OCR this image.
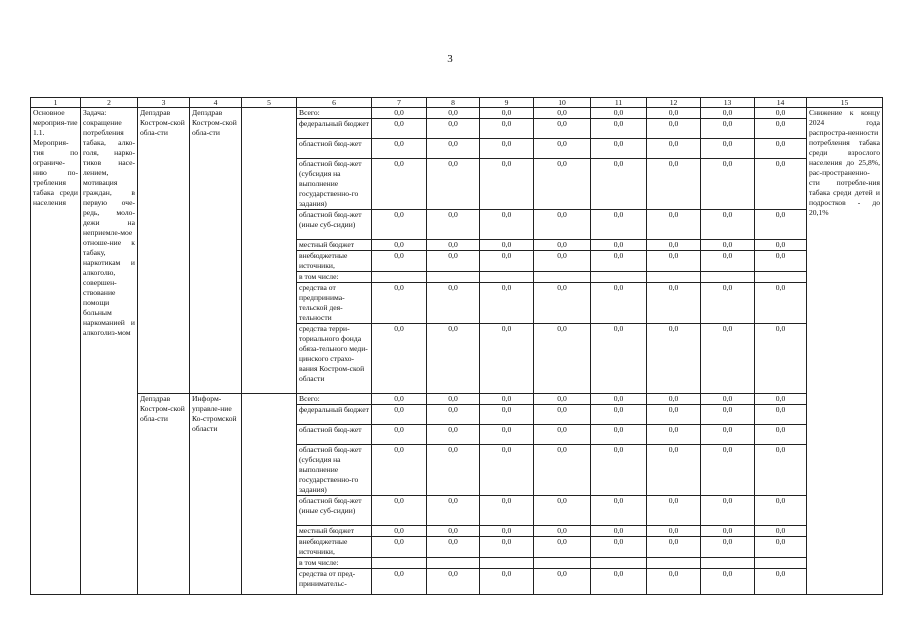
3
1	2	3	4	5	6	7	8	9	10	11	12	13	14	15
Основное мероприя-тие 1.1. Мероприя-тия по ограниче-нию по-требления табака среди населения	Задача: сокращение потребления табака, алко-голя, нарко-тиков насе-лением, мотивация граждан, в первую оче-редь, моло-дежи на неприемле-мое отноше-ние к табаку, наркотикам и алкоголю, совершен-ствование помощи больным наркоманией и алкоголиз-мом	Депздрав Костром-ской обла-сти	Депздрав Костром-ской обла-сти		Всего:	0,0	0,0	0,0	0,0	0,0	0,0	0,0	0,0	Снижение к концу 2024 года распростра-ненности потребления табака среди взрослого населения до 25,8%, рас-пространенно-сти потребле-ния табака среди детей и подростков - до 20,1%
					федеральный бюджет	0,0	0,0	0,0	0,0	0,0	0,0	0,0	0,0	
					областной бюд-жет	0,0	0,0	0,0	0,0	0,0	0,0	0,0	0,0	
					областной бюд-жет (субсидия на выполнение государственно-го задания)	0,0	0,0	0,0	0,0	0,0	0,0	0,0	0,0	
					областной бюд-жет (иные суб-сидии)	0,0	0,0	0,0	0,0	0,0	0,0	0,0	0,0	
					местный бюджет	0,0	0,0	0,0	0,0	0,0	0,0	0,0	0,0	
					внебюджетные источники,	0,0	0,0	0,0	0,0	0,0	0,0	0,0	0,0	
					в том числе:									
					средства от предпринима-тельской дея-тельности	0,0	0,0	0,0	0,0	0,0	0,0	0,0	0,0	
					средства терри-ториального фонда обяза-тельного меди-цинского страхо-вания Костром-ской области	0,0	0,0	0,0	0,0	0,0	0,0	0,0	0,0	
		Депздрав Костром-ской обла-сти	Информ-управле-ние Ко-стромской области		Всего:	0,0	0,0	0,0	0,0	0,0	0,0	0,0	0,0	
					федеральный бюджет	0,0	0,0	0,0	0,0	0,0	0,0	0,0	0,0	
					областной бюд-жет	0,0	0,0	0,0	0,0	0,0	0,0	0,0	0,0	
					областной бюд-жет (субсидия на выполнение государственно-го задания)	0,0	0,0	0,0	0,0	0,0	0,0	0,0	0,0	
					областной бюд-жет (иные суб-сидии)	0,0	0,0	0,0	0,0	0,0	0,0	0,0	0,0	
					местный бюджет	0,0	0,0	0,0	0,0	0,0	0,0	0,0	0,0	
					внебюджетные источники,	0,0	0,0	0,0	0,0	0,0	0,0	0,0	0,0	
					в том числе:									
					средства от пред-принимательс-	0,0	0,0	0,0	0,0	0,0	0,0	0,0	0,0	
